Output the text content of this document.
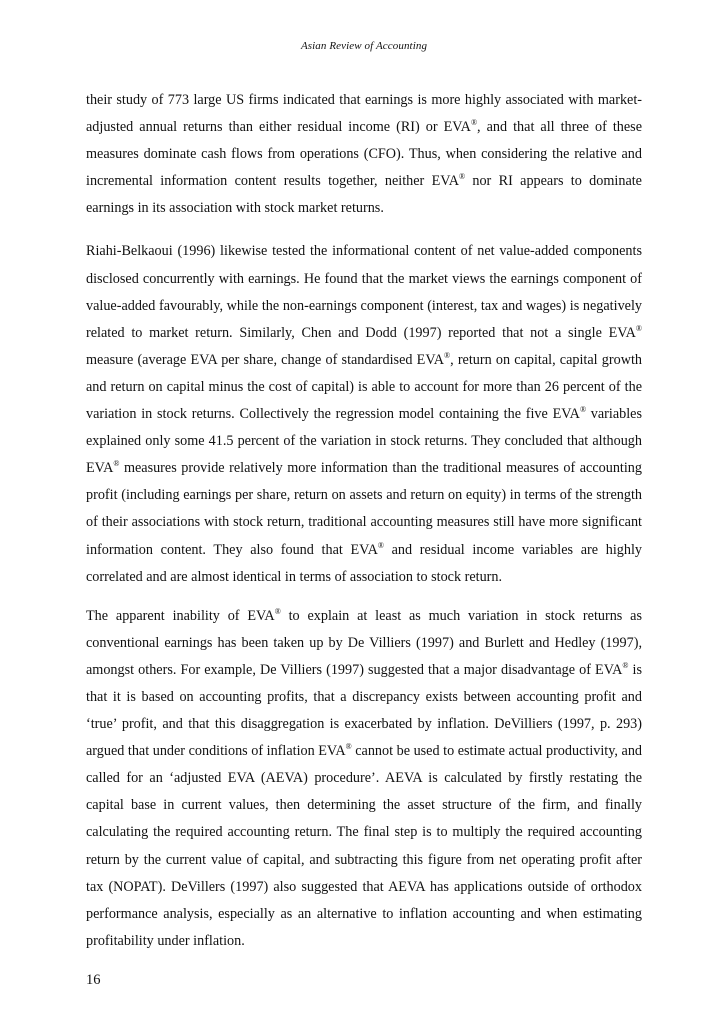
Asian Review of Accounting

their study of 773 large US firms indicated that earnings is more highly associated with market-adjusted annual returns than either residual income (RI) or EVA®, and that all three of these measures dominate cash flows from operations (CFO). Thus, when considering the relative and incremental information content results together, neither EVA® nor RI appears to dominate earnings in its association with stock market returns.

Riahi-Belkaoui (1996) likewise tested the informational content of net value-added components disclosed concurrently with earnings. He found that the market views the earnings component of value-added favourably, while the non-earnings component (interest, tax and wages) is negatively related to market return. Similarly, Chen and Dodd (1997) reported that not a single EVA® measure (average EVA per share, change of standardised EVA®, return on capital, capital growth and return on capital minus the cost of capital) is able to account for more than 26 percent of the variation in stock returns. Collectively the regression model containing the five EVA® variables explained only some 41.5 percent of the variation in stock returns. They concluded that although EVA® measures provide relatively more information than the traditional measures of accounting profit (including earnings per share, return on assets and return on equity) in terms of the strength of their associations with stock return, traditional accounting measures still have more significant information content. They also found that EVA® and residual income variables are highly correlated and are almost identical in terms of association to stock return.

The apparent inability of EVA® to explain at least as much variation in stock returns as conventional earnings has been taken up by De Villiers (1997) and Burlett and Hedley (1997), amongst others. For example, De Villiers (1997) suggested that a major disadvantage of EVA® is that it is based on accounting profits, that a discrepancy exists between accounting profit and ‘true’ profit, and that this disaggregation is exacerbated by inflation. DeVilliers (1997, p. 293) argued that under conditions of inflation EVA® cannot be used to estimate actual productivity, and called for an ‘adjusted EVA (AEVA) procedure’. AEVA is calculated by firstly restating the capital base in current values, then determining the asset structure of the firm, and finally calculating the required accounting return. The final step is to multiply the required accounting return by the current value of capital, and subtracting this figure from net operating profit after tax (NOPAT). DeVillers (1997) also suggested that AEVA has applications outside of orthodox performance analysis, especially as an alternative to inflation accounting and when estimating profitability under inflation.

16
